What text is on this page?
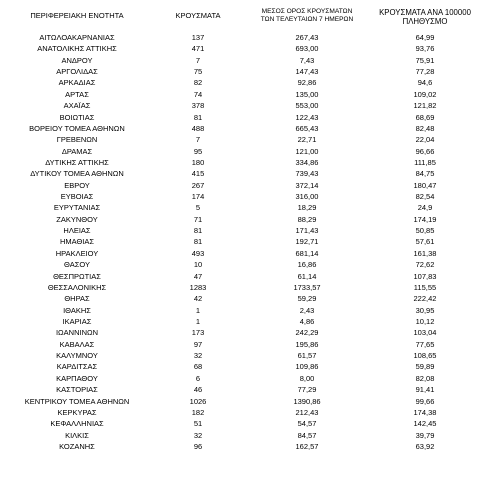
ΠΕΡΙΦΕΡΕΙΑΚΗ ΕΝΟΤΗΤΑ	ΚΡΟΥΣΜΑΤΑ	ΜΕΣΟΣ ΟΡΟΣ ΚΡΟΥΣΜΑΤΩΝ
ΤΩΝ ΤΕΛΕΥΤΑΙΩΝ 7 ΗΜΕΡΩΝ
ΚΡΟΥΣΜΑΤΑ ΑΝΑ 100000
ΠΛΗΘΥΣΜΟ
ΑΙΤΩΛΟΑΚΑΡΝΑΝΙΑΣ	137	267,43	64,99
ΑΝΑΤΟΛΙΚΗΣ ΑΤΤΙΚΗΣ	471	693,00	93,76
ΑΝΔΡΟΥ	7	7,43	75,91
ΑΡΓΟΛΙΔΑΣ	75	147,43	77,28
ΑΡΚΑΔΙΑΣ	82	92,86	94,6
ΑΡΤΑΣ	74	135,00	109,02
ΑΧΑΪΑΣ	378	553,00	121,82
ΒΟΙΩΤΙΑΣ	81	122,43	68,69
ΒΟΡΕΙΟΥ ΤΟΜΕΑ ΑΘΗΝΩΝ	488	665,43	82,48
ΓΡΕΒΕΝΩΝ	7	22,71	22,04
ΔΡΑΜΑΣ	95	121,00	96,66
ΔΥΤΙΚΗΣ ΑΤΤΙΚΗΣ	180	334,86	111,85
ΔΥΤΙΚΟΥ ΤΟΜΕΑ ΑΘΗΝΩΝ	415	739,43	84,75
ΕΒΡΟΥ	267	372,14	180,47
ΕΥΒΟΙΑΣ	174	316,00	82,54
ΕΥΡΥΤΑΝΙΑΣ	5	18,29	24,9
ΖΑΚΥΝΘΟΥ	71	88,29	174,19
ΗΛΕΙΑΣ	81	171,43	50,85
ΗΜΑΘΙΑΣ	81	192,71	57,61
ΗΡΑΚΛΕΙΟΥ	493	681,14	161,38
ΘΑΣΟΥ	10	16,86	72,62
ΘΕΣΠΡΩΤΙΑΣ	47	61,14	107,83
ΘΕΣΣΑΛΟΝΙΚΗΣ	1283	1733,57	115,55
ΘΗΡΑΣ	42	59,29	222,42
ΙΘΑΚΗΣ	1	2,43	30,95
ΙΚΑΡΙΑΣ	1	4,86	10,12
ΙΩΑΝΝΙΝΩΝ	173	242,29	103,04
ΚΑΒΑΛΑΣ	97	195,86	77,65
ΚΑΛΥΜΝΟΥ	32	61,57	108,65
ΚΑΡΔΙΤΣΑΣ	68	109,86	59,89
ΚΑΡΠΑΘΟΥ	6	8,00	82,08
ΚΑΣΤΟΡΙΑΣ	46	77,29	91,41
ΚΕΝΤΡΙΚΟΥ ΤΟΜΕΑ ΑΘΗΝΩΝ	1026	1390,86	99,66
ΚΕΡΚΥΡΑΣ	182	212,43	174,38
ΚΕΦΑΛΛΗΝΙΑΣ	51	54,57	142,45
ΚΙΛΚΙΣ	32	84,57	39,79
ΚΟΖΑΝΗΣ	96	162,57	63,92
